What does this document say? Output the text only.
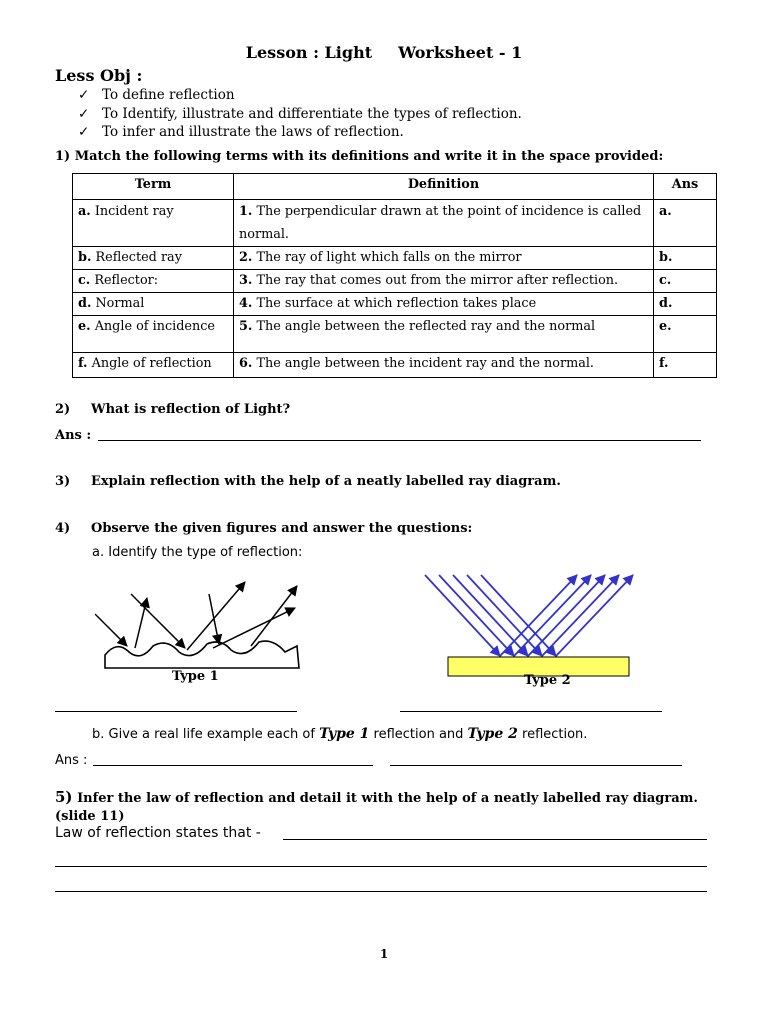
Lesson : Light Worksheet - 1
Less Obj :
✓ To define reflection
✓ To Identify, illustrate and differentiate the types of reflection.
✓ To infer and illustrate the laws of reflection.
1) Match the following terms with its definitions and write it in the space provided:
Term	Definition	Ans
a. Incident ray	1. The perpendicular drawn at the point of incidence is called normal.	a.
b. Reflected ray	2. The ray of light which falls on the mirror	b.
c. Reflector:	3. The ray that comes out from the mirror after reflection.	c.
d. Normal	4. The surface at which reflection takes place	d.
e. Angle of incidence	5. The angle between the reflected ray and the normal	e.
f. Angle of reflection	6. The angle between the incident ray and the normal.	f.
2) What is reflection of Light?
Ans :
3) Explain reflection with the help of a neatly labelled ray diagram.
4) Observe the given figures and answer the questions:
a. Identify the type of reflection:
Type 1	Type 2
b. Give a real life example each of Type 1 reflection and Type 2 reflection.
Ans :
5) Infer the law of reflection and detail it with the help of a neatly labelled ray diagram. (slide 11)
Law of reflection states that -
1
